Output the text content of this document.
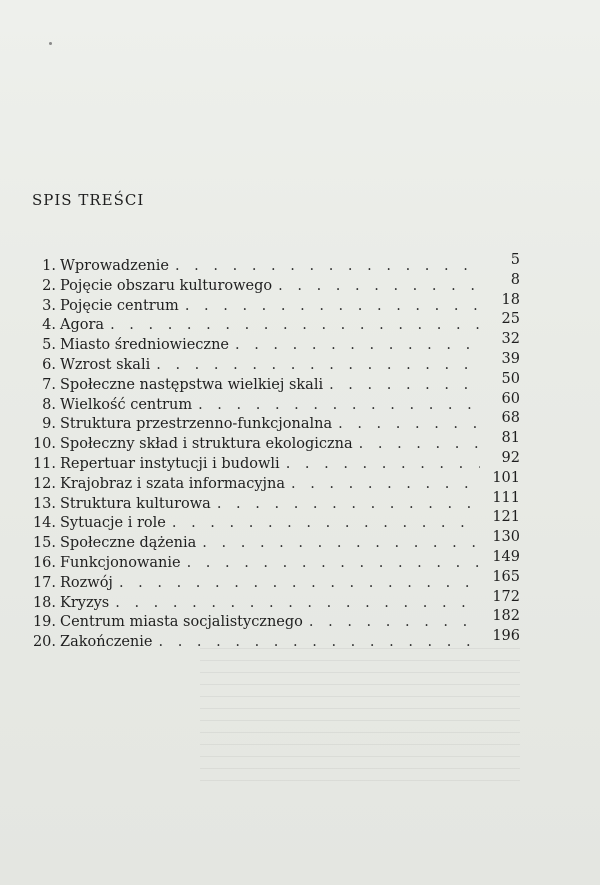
SPIS TREŚCI
1. Wprowadzenie . . .	5
2. Pojęcie obszaru kulturowego . . .	8
3. Pojęcie centrum . . .	18
4. Agora . . .	25
5. Miasto średniowieczne . . .	32
6. Wzrost skali . . .	39
7. Społeczne następstwa wielkiej skali . . .	50
8. Wielkość centrum . . .	60
9. Struktura przestrzenno-funkcjonalna . . .	68
10. Społeczny skład i struktura ekologiczna . . .	81
11. Repertuar instytucji i budowli . . .	92
12. Krajobraz i szata informacyjna . . .	101
13. Struktura kulturowa . . .	111
14. Sytuacje i role . . .	121
15. Społeczne dążenia . . .	130
16. Funkcjonowanie . . .	149
17. Rozwój . . .	165
18. Kryzys . . .	172
19. Centrum miasta socjalistycznego . . .	182
20. Zakończenie . . .	196
